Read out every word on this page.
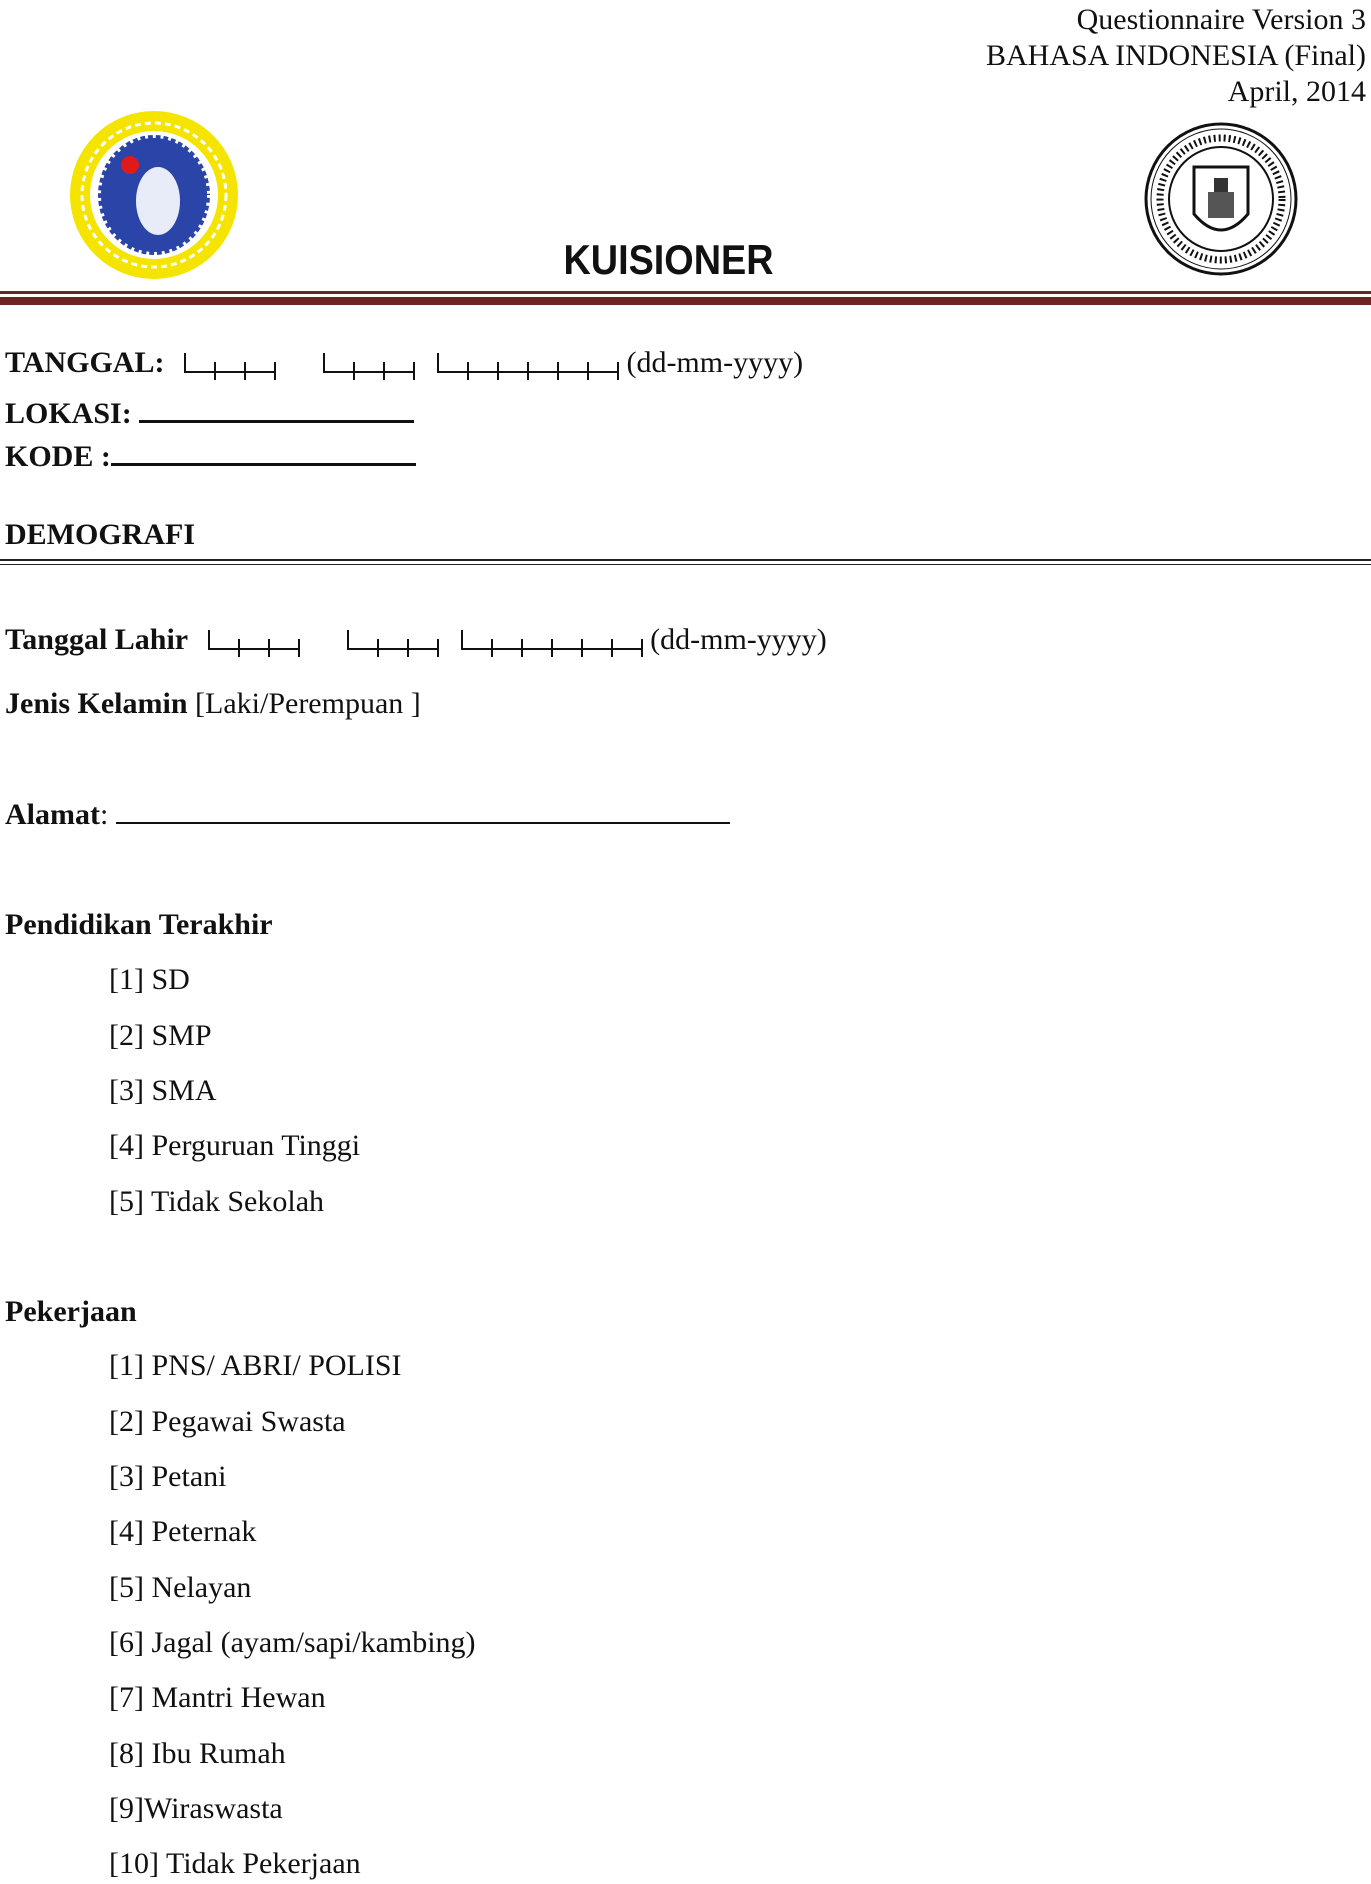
Questionnaire Version 3
BAHASA INDONESIA (Final)
April, 2014
KUISIONER
TANGGAL:	(dd-mm-yyyy)
LOKASI:
KODE :
DEMOGRAFI
Tanggal Lahir	(dd-mm-yyyy)
Jenis Kelamin [Laki/Perempuan ]
Alamat:
Pendidikan Terakhir
[1] SD
[2] SMP
[3] SMA
[4] Perguruan Tinggi
[5] Tidak Sekolah
Pekerjaan
[1] PNS/ ABRI/ POLISI
[2] Pegawai Swasta
[3] Petani
[4] Peternak
[5] Nelayan
[6] Jagal (ayam/sapi/kambing)
[7] Mantri Hewan
[8] Ibu Rumah
[9]Wiraswasta
[10] Tidak Pekerjaan
